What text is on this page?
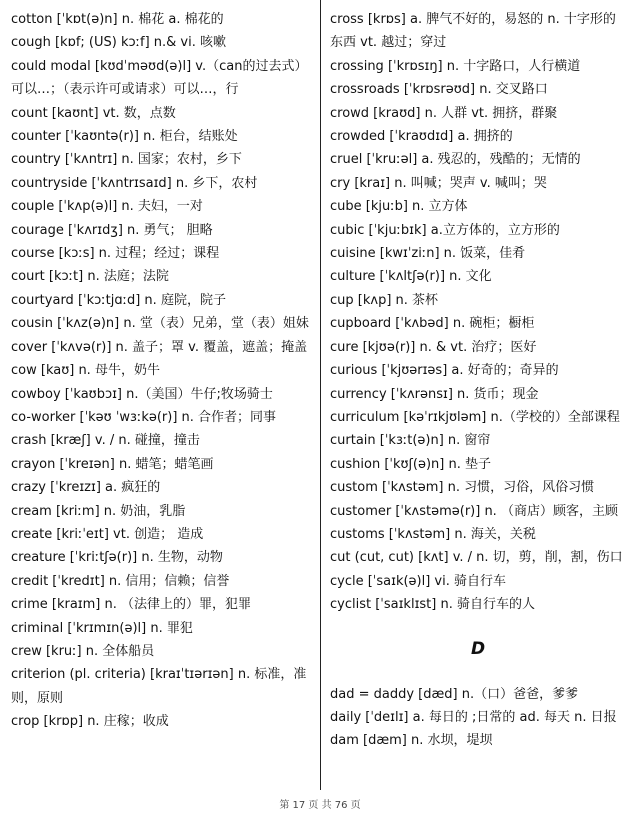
cotton [ˈkɒt(ə)n] n. 棉花 a. 棉花的
cough [kɒf; (US) kɔːf] n.& vi. 咳嗽
could modal [kʊdˈməʊd(ə)l] v.（can的过去式）可以…；（表示许可或请求）可以…，行
count [kaʊnt] vt. 数，点数
counter [ˈkaʊntə(r)] n. 柜台，结账处
country [ˈkʌntrɪ] n. 国家；农村，乡下
countryside [ˈkʌntrɪsaɪd] n. 乡下，农村
couple [ˈkʌp(ə)l] n. 夫妇，一对
courage [ˈkʌrɪdʒ] n. 勇气； 胆略
course [kɔːs] n. 过程；经过；课程
court [kɔːt] n. 法庭；法院
courtyard [ˈkɔːtjɑːd] n. 庭院，院子
cousin [ˈkʌz(ə)n] n. 堂（表）兄弟，堂（表）姐妹
cover [ˈkʌvə(r)] n. 盖子；罩 v. 覆盖，遮盖；掩盖
cow [kaʊ] n. 母牛，奶牛
cowboy [ˈkaʊbɔɪ] n.（美国）牛仔;牧场骑士
co-worker [ˈkəʊ ˈwɜːkə(r)] n. 合作者；同事
crash [kræʃ] v. / n. 碰撞，撞击
crayon [ˈkreɪən] n. 蜡笔；蜡笔画
crazy [ˈkreɪzɪ] a. 疯狂的
cream [kriːm] n. 奶油，乳脂
create [kriːˈeɪt] vt. 创造； 造成
creature [ˈkriːtʃə(r)] n. 生物，动物
credit [ˈkredɪt] n. 信用；信赖；信誉
crime [kraɪm] n. （法律上的）罪，犯罪
criminal [ˈkrɪmɪn(ə)l] n. 罪犯
crew [kruː] n. 全体船员
criterion (pl. criteria) [kraɪˈtɪərɪən] n. 标准，准则，原则
crop [krɒp] n. 庄稼；收成
cross [krɒs] a. 脾气不好的，易怒的 n. 十字形的东西 vt. 越过；穿过
crossing [ˈkrɒsɪŋ] n. 十字路口，人行横道
crossroads [ˈkrɒsrəʊd] n. 交叉路口
crowd [kraʊd] n. 人群 vt. 拥挤，群聚
crowded [ˈkraʊdɪd] a. 拥挤的
cruel [ˈkruːəl] a. 残忍的，残酷的；无情的
cry [kraɪ] n. 叫喊；哭声 v. 喊叫；哭
cube [kjuːb] n. 立方体
cubic [ˈkjuːbɪk] a.立方体的，立方形的
cuisine [kwɪˈziːn] n. 饭菜，佳肴
culture [ˈkʌltʃə(r)] n. 文化
cup [kʌp] n. 茶杯
cupboard [ˈkʌbəd] n. 碗柜；橱柜
cure [kjʊə(r)] n. & vt. 治疗；医好
curious [ˈkjʊərɪəs] a. 好奇的；奇异的
currency [ˈkʌrənsɪ] n. 货币；现金
curriculum [kəˈrɪkjʊləm] n.（学校的）全部课程
curtain [ˈkɜːt(ə)n] n. 窗帘
cushion [ˈkʊʃ(ə)n] n. 垫子
custom [ˈkʌstəm] n. 习惯，习俗，风俗习惯
customer [ˈkʌstəmə(r)] n. （商店）顾客，主顾
customs [ˈkʌstəm] n. 海关，关税
cut (cut, cut) [kʌt] v. / n. 切，剪，削，割，伤口
cycle [ˈsaɪk(ə)l] vi. 骑自行车
cyclist [ˈsaɪklɪst] n. 骑自行车的人
D
dad = daddy [dæd] n.（口）爸爸，爹爹
daily [ˈdeɪlɪ] a. 每日的 ;日常的 ad. 每天 n. 日报
dam [dæm] n. 水坝，堤坝
第 17 页 共 76 页
